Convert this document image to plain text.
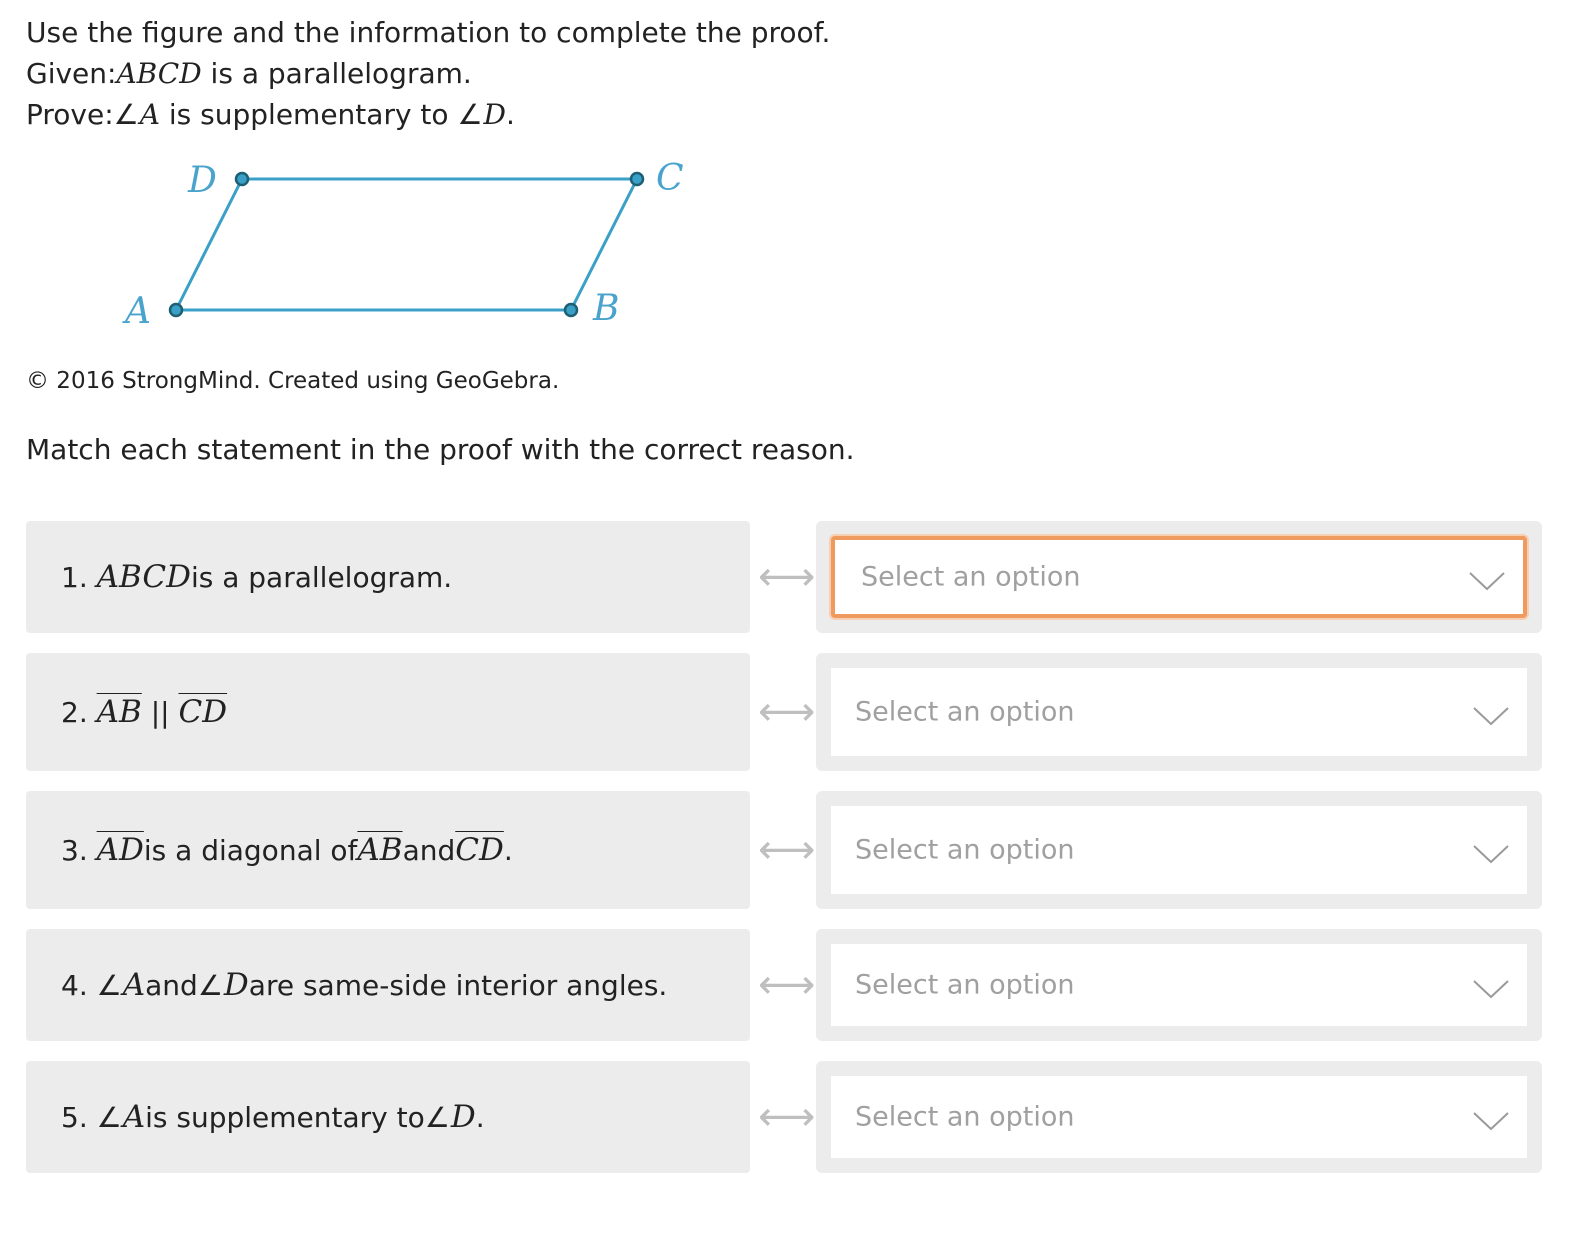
Use the figure and the information to complete the proof.
Given:ABCD is a parallelogram.
Prove:∠A is supplementary to ∠D.
A	B
C
D
© 2016 StrongMind. Created using GeoGebra.
Match each statement in the proof with the correct reason.
1.
ABCD is a parallelogram.	⟷ Select an option
2.
$\overline{AB}$
||
$\overline{CD}$	⟷ Select an option
3.
$\overline{AD}$ is a diagonal of $\overline{AB}$ and $\overline{CD}$ .	⟷ Select an option
4.
∠ A and ∠ D are same-side interior angles. ⟷ Select an option
5.
∠ A is supplementary to ∠ D .	⟷ Select an option
